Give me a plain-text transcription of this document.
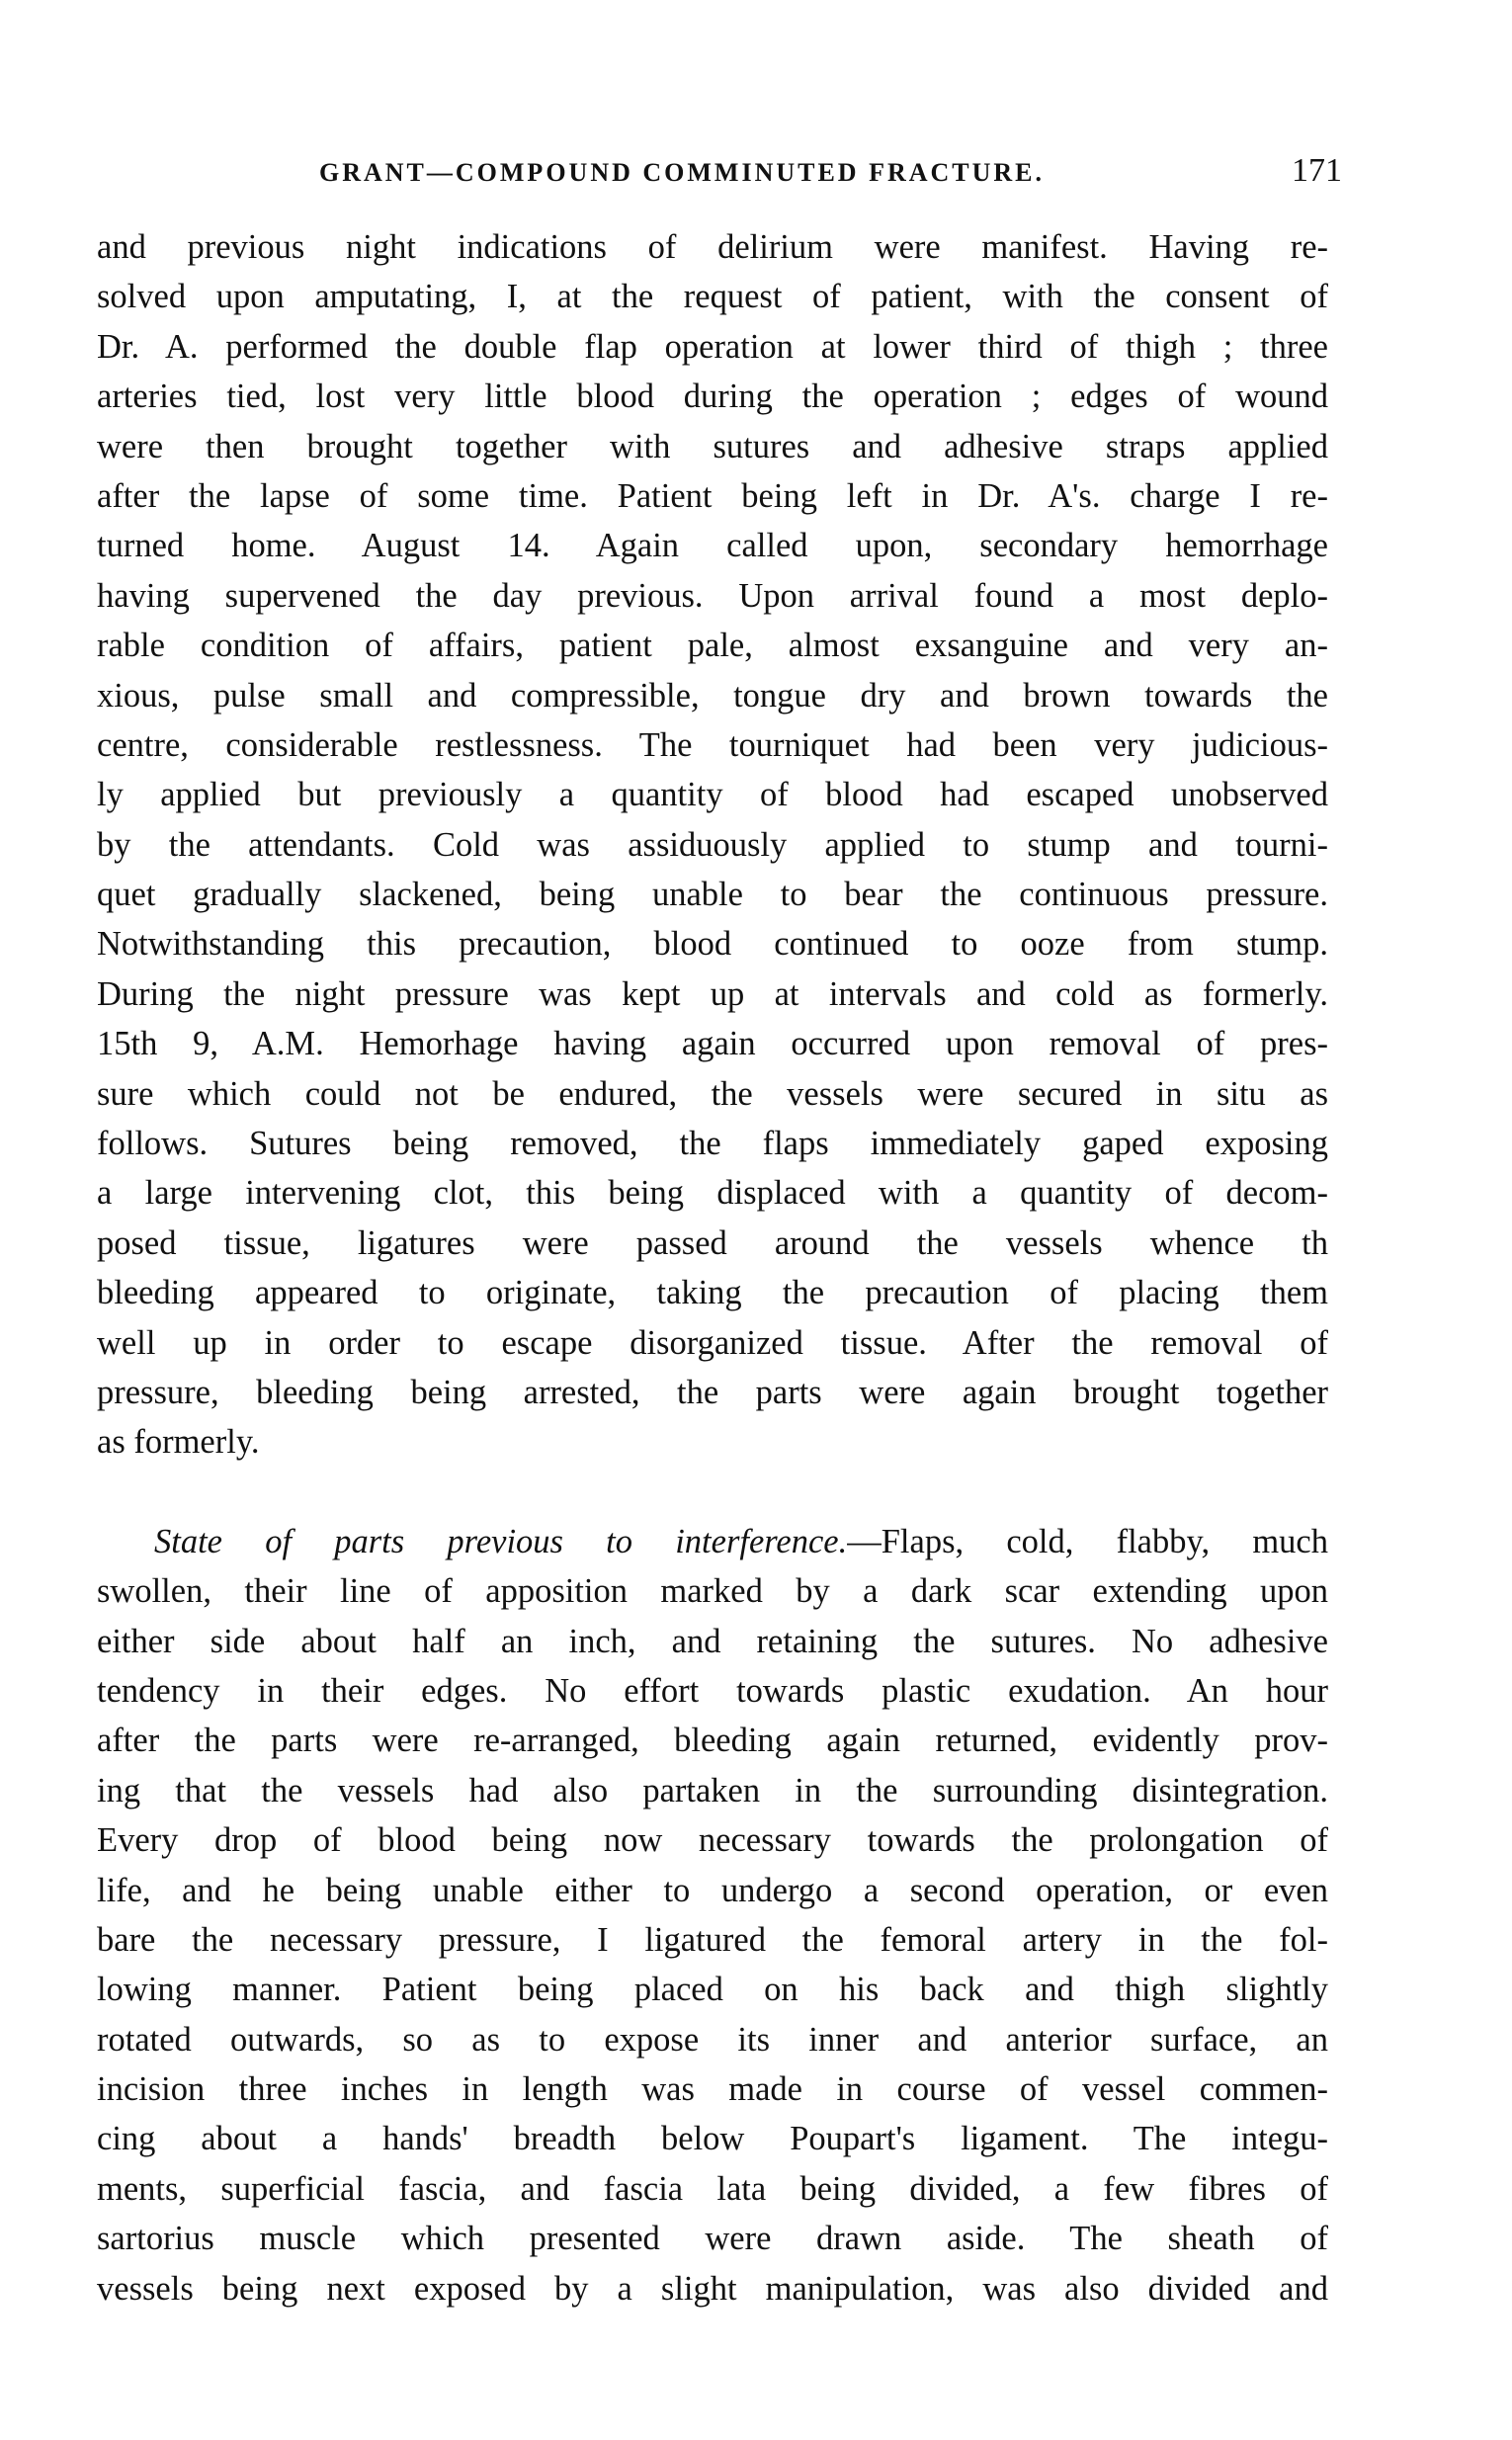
GRANT—COMPOUND COMMINUTED FRACTURE.	171
and previous night indications of delirium were manifest. Having re-
solved upon amputating, I, at the request of patient, with the consent of
Dr. A. performed the double flap operation at lower third of thigh ; three
arteries tied, lost very little blood during the operation ; edges of wound
were then brought together with sutures and adhesive straps applied
after the lapse of some time. Patient being left in Dr. A's. charge I re-
turned home. August 14. Again called upon, secondary hemorrhage
having supervened the day previous. Upon arrival found a most deplo-
rable condition of affairs, patient pale, almost exsanguine and very an-
xious, pulse small and compressible, tongue dry and brown towards the
centre, considerable restlessness. The tourniquet had been very judicious-
ly applied but previously a quantity of blood had escaped unobserved
by the attendants. Cold was assiduously applied to stump and tourni-
quet gradually slackened, being unable to bear the continuous pressure.
Notwithstanding this precaution, blood continued to ooze from stump.
During the night pressure was kept up at intervals and cold as formerly.
15th 9, A.M. Hemorhage having again occurred upon removal of pres-
sure which could not be endured, the vessels were secured in situ as
follows. Sutures being removed, the flaps immediately gaped exposing
a large intervening clot, this being displaced with a quantity of decom-
posed tissue, ligatures were passed around the vessels whence th
bleeding appeared to originate, taking the precaution of placing them
well up in order to escape disorganized tissue. After the removal of
pressure, bleeding being arrested, the parts were again brought together
as formerly.
State of parts previous to interference.—Flaps, cold, flabby, much
swollen, their line of apposition marked by a dark scar extending upon
either side about half an inch, and retaining the sutures. No adhesive
tendency in their edges. No effort towards plastic exudation. An hour
after the parts were re-arranged, bleeding again returned, evidently prov-
ing that the vessels had also partaken in the surrounding disintegration.
Every drop of blood being now necessary towards the prolongation of
life, and he being unable either to undergo a second operation, or even
bare the necessary pressure, I ligatured the femoral artery in the fol-
lowing manner. Patient being placed on his back and thigh slightly
rotated outwards, so as to expose its inner and anterior surface, an
incision three inches in length was made in course of vessel commen-
cing about a hands' breadth below Poupart's ligament. The integu-
ments, superficial fascia, and fascia lata being divided, a few fibres of
sartorius muscle which presented were drawn aside. The sheath of
vessels being next exposed by a slight manipulation, was also divided and
